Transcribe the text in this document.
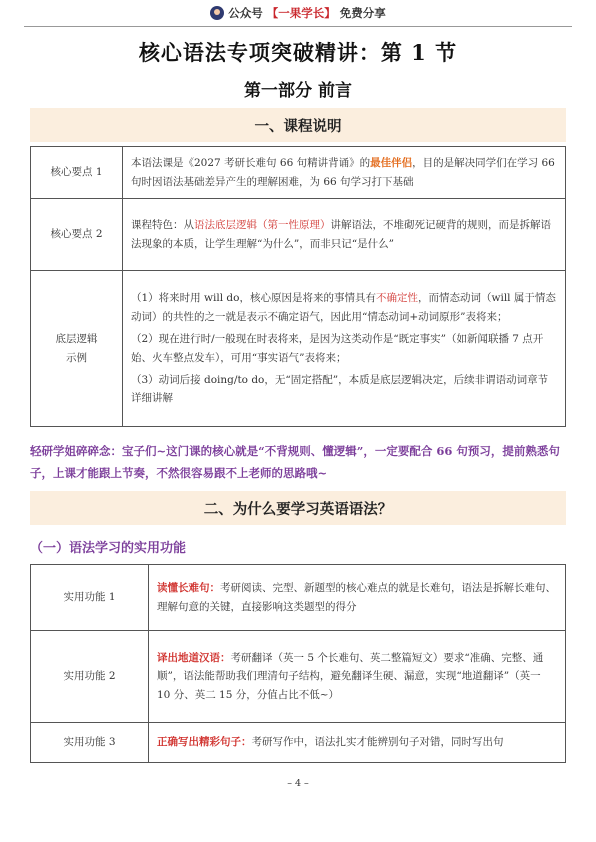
公众号 【一果学长】 免费分享
核心语法专项突破精讲：第 1 节
第一部分 前言
一、课程说明
核心要点 1	本语法课是《2027 考研长难句 66 句精讲背诵》的最佳伴侣，目的是解决同学们在学习 66 句时因语法基础差异产生的理解困难，为 66 句学习打下基础
核心要点 2	课程特色：从语法底层逻辑（第一性原理）讲解语法，不堆砌死记硬背的规则，而是拆解语法现象的本质，让学生理解“为什么”，而非只记“是什么”
底层逻辑示例	（1）将来时用 will do，核心原因是将来的事情具有不确定性，而情态动词（will 属于情态动词）的共性的之一就是表示不确定语气，因此用“情态动词+动词原形”表将来；

（2）现在进行时/一般现在时表将来，是因为这类动作是“既定事实”（如新闻联播 7 点开始、火车整点发车），可用“事实语气”表将来；

（3）动词后接 doing/to do，无“固定搭配”，本质是底层逻辑决定，后续非谓语动词章节详细讲解

轻研学姐碎碎念：宝子们~这门课的核心就是“不背规则、懂逻辑”，一定要配合 66 句预习，提前熟悉句子，上课才能跟上节奏，不然很容易跟不上老师的思路哦~
二、为什么要学习英语语法？
（一）语法学习的实用功能
实用功能 1	读懂长难句：考研阅读、完型、新题型的核心难点的就是长难句，语法是拆解长难句、理解句意的关键，直接影响这类题型的得分
实用功能 2	译出地道汉语：考研翻译（英一 5 个长难句、英二整篇短文）要求“准确、完整、通顺”，语法能帮助我们理清句子结构，避免翻译生硬、漏意，实现“地道翻译”（英一 10 分、英二 15 分，分值占比不低~）
实用功能 3	正确写出精彩句子：考研写作中，语法扎实才能辨别句子对错，同时写出句
– 4 –
